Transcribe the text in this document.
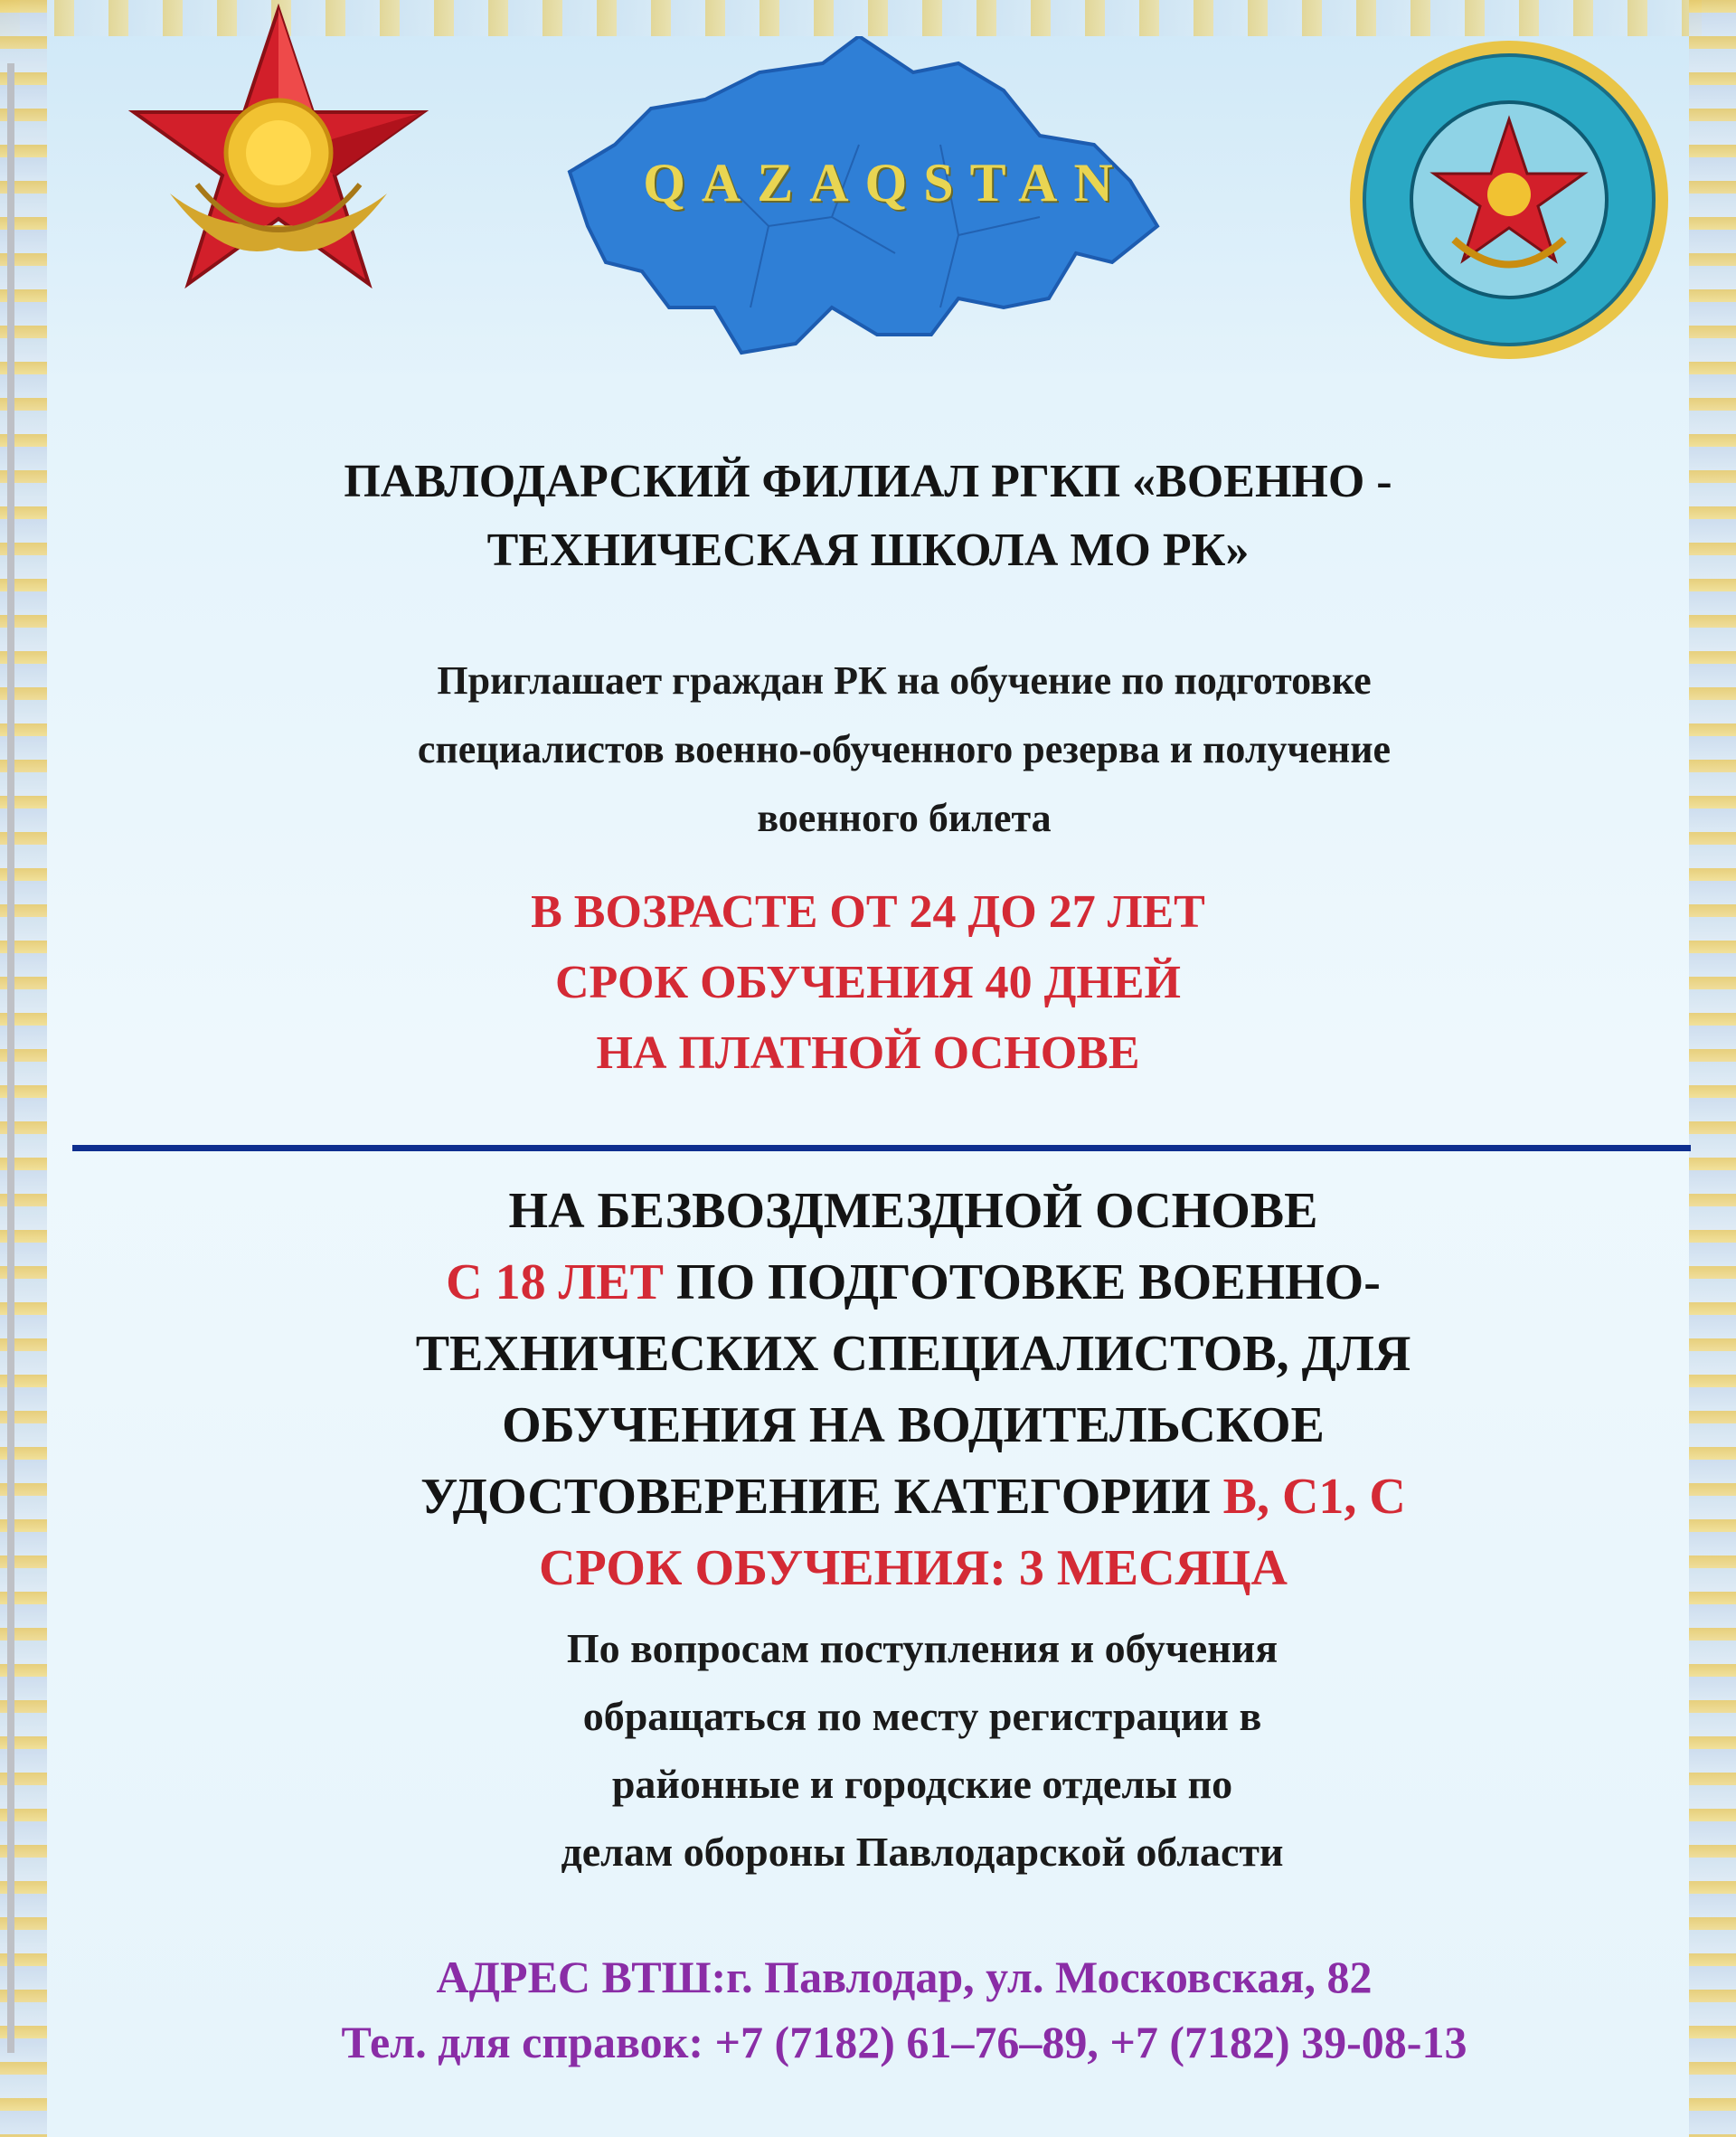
QAZAQSTAN
ПАВЛОДАРСКИЙ ФИЛИАЛ РГКП «ВОЕННО -
ТЕХНИЧЕСКАЯ ШКОЛА МО РК»
Приглашает граждан РК на обучение по подготовке
специалистов военно-обученного резерва и получение
военного билета
В ВОЗРАСТЕ ОТ 24 ДО 27 ЛЕТ
СРОК ОБУЧЕНИЯ 40 ДНЕЙ
НА ПЛАТНОЙ ОСНОВЕ
НА БЕЗВОЗДМЕЗДНОЙ ОСНОВЕ
С 18 ЛЕТ ПО ПОДГОТОВКЕ ВОЕННО-
ТЕХНИЧЕСКИХ СПЕЦИАЛИСТОВ, ДЛЯ
ОБУЧЕНИЯ НА ВОДИТЕЛЬСКОЕ
УДОСТОВЕРЕНИЕ КАТЕГОРИИ В, С1, С
СРОК ОБУЧЕНИЯ: 3 МЕСЯЦА
По вопросам поступления и обучения
обращаться по месту регистрации в
районные и городские отделы по
делам обороны Павлодарской области
АДРЕС ВТШ:г. Павлодар, ул. Московская, 82
Тел. для справок: +7 (7182) 61–76–89, +7 (7182) 39-08-13
